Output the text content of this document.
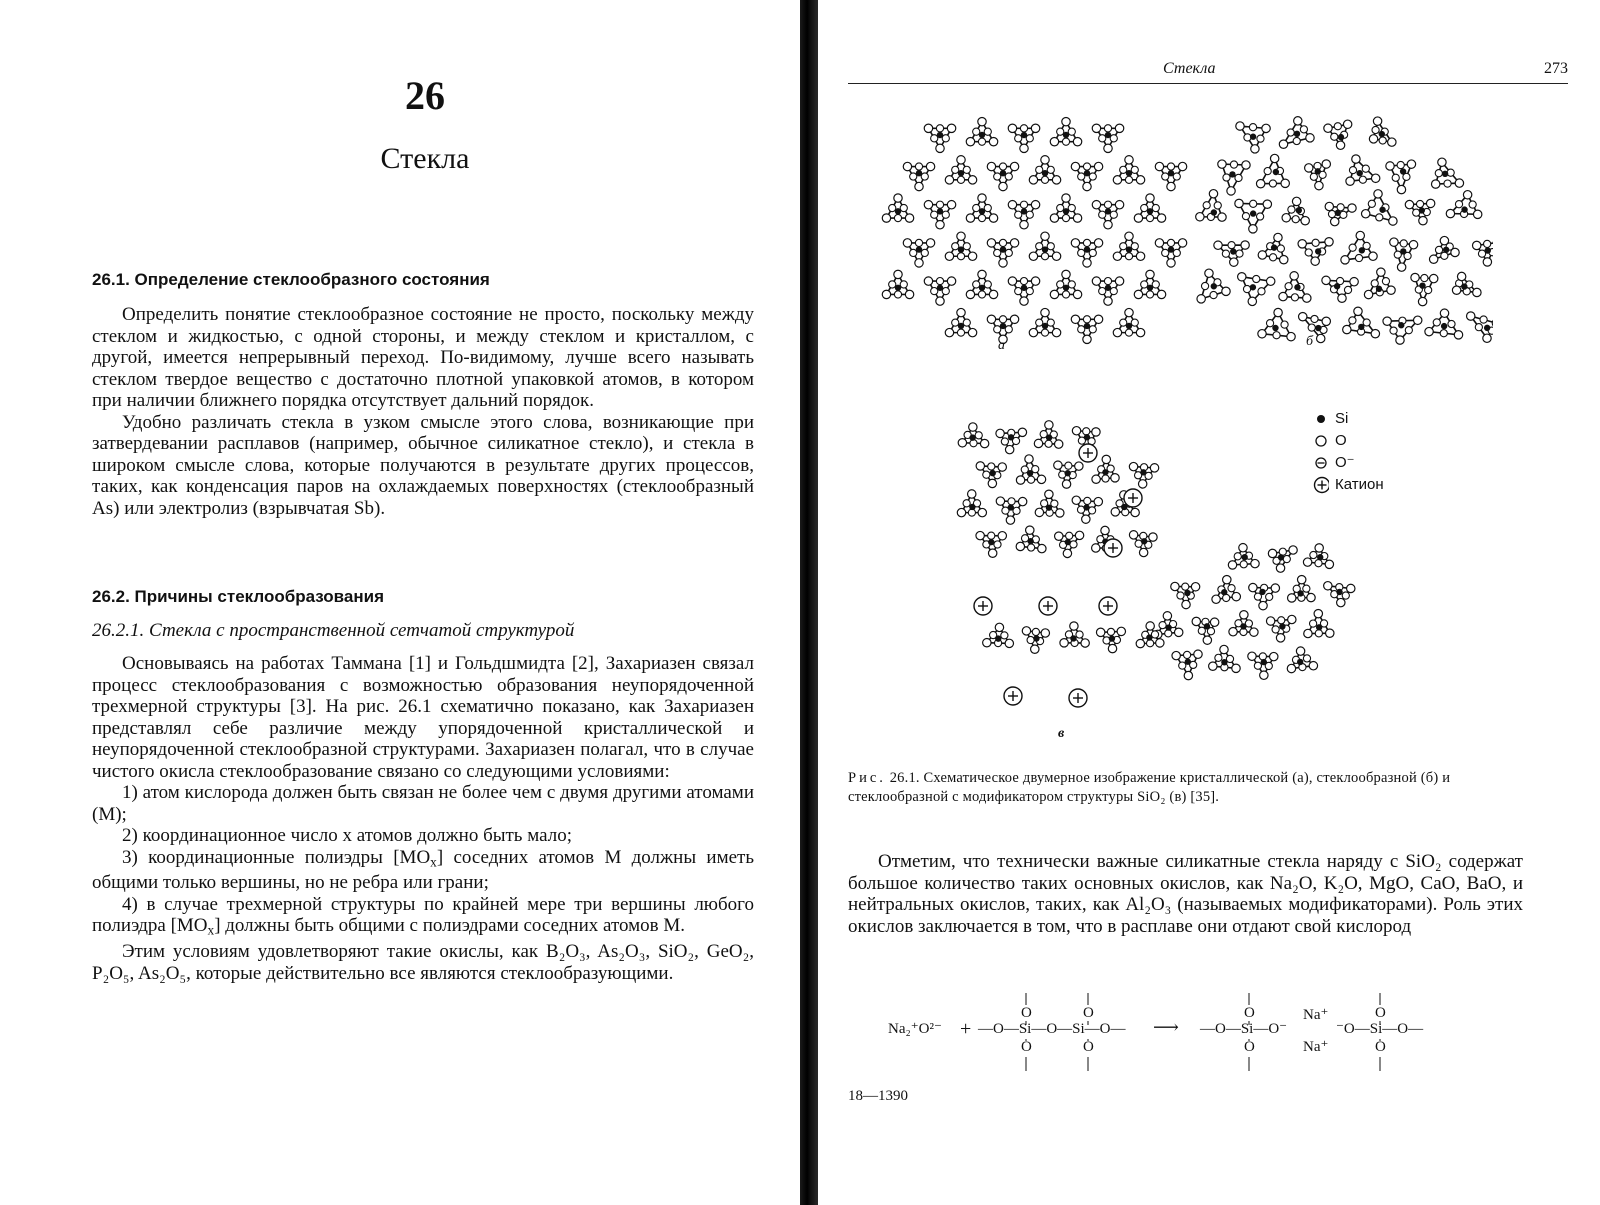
26
Стекла
26.1. Определение стеклообразного состояния

Определить понятие стеклообразное состояние не просто, поскольку между стеклом и жидкостью, с одной стороны, и между стеклом и кристаллом, с другой, имеется непрерывный переход. По-видимому, лучше всего называть стеклом твердое вещество с достаточно плотной упаковкой атомов, в котором при наличии ближнего порядка отсутствует дальний порядок.

Удобно различать стекла в узком смысле этого слова, возникающие при затвердевании расплавов (например, обычное силикатное стекло), и стекла в широком смысле слова, которые получаются в результате других процессов, таких, как конденсация паров на охлаждаемых поверхностях (стеклообразный As) или электролиз (взрывчатая Sb).

26.2. Причины стеклообразования
26.2.1. Стекла с пространственной сетчатой структурой

Основываясь на работах Таммана [1] и Гольдшмидта [2], Захариазен связал процесс стеклообразования с возможностью образования неупорядоченной трехмерной структуры [3]. На рис. 26.1 схематично показано, как Захариазен представлял себе различие между упорядоченной кристаллической и неупорядоченной стеклообразной структурами. Захариазен полагал, что в случае чистого окисла стеклообразование связано со следующими условиями:

1) атом кислорода должен быть связан не более чем с двумя другими атомами (M);

2) координационное число x атомов должно быть мало;

3) координационные полиэдры $[MO_x]$ соседних атомов M должны иметь общими только вершины, но не ребра или грани;

4) в случае трехмерной структуры по крайней мере три вершины любого полиэдра $[MO_x]$ должны быть общими с полиэдрами соседних атомов M.

Этим условиям удовлетворяют такие окислы, как B₂O₃, As₂O₃, SiO₂, GeO₂, P₂O₅, As₂O₅, которые действительно все являются стеклообразующими.

Стекла	273
а	б
в
Si
O
O⁻
Катион
Рис. 26.1. Схематическое двумерное изображение кристаллической (а), стеклообразной (б) и стеклообразной с модификатором структуры SiO₂ (в) [35].

Отметим, что технически важные силикатные стекла наряду с SiO₂ содержат большое количество таких основных окислов, как Na₂O, K₂O, MgO, CaO, BaO, и нейтральных окислов, таких, как Al₂O₃ (называемых модификаторами). Роль этих окислов заключается в том, что в расплаве они отдают свой кислород

Na₂⁺O²⁻ + —O—Si—O—Si—O— ⟶ —O—Si—O⁻
Na⁺
Na⁺
⁻O—Si—O—
O
O
O
O
O
O
O
O
18—1390
